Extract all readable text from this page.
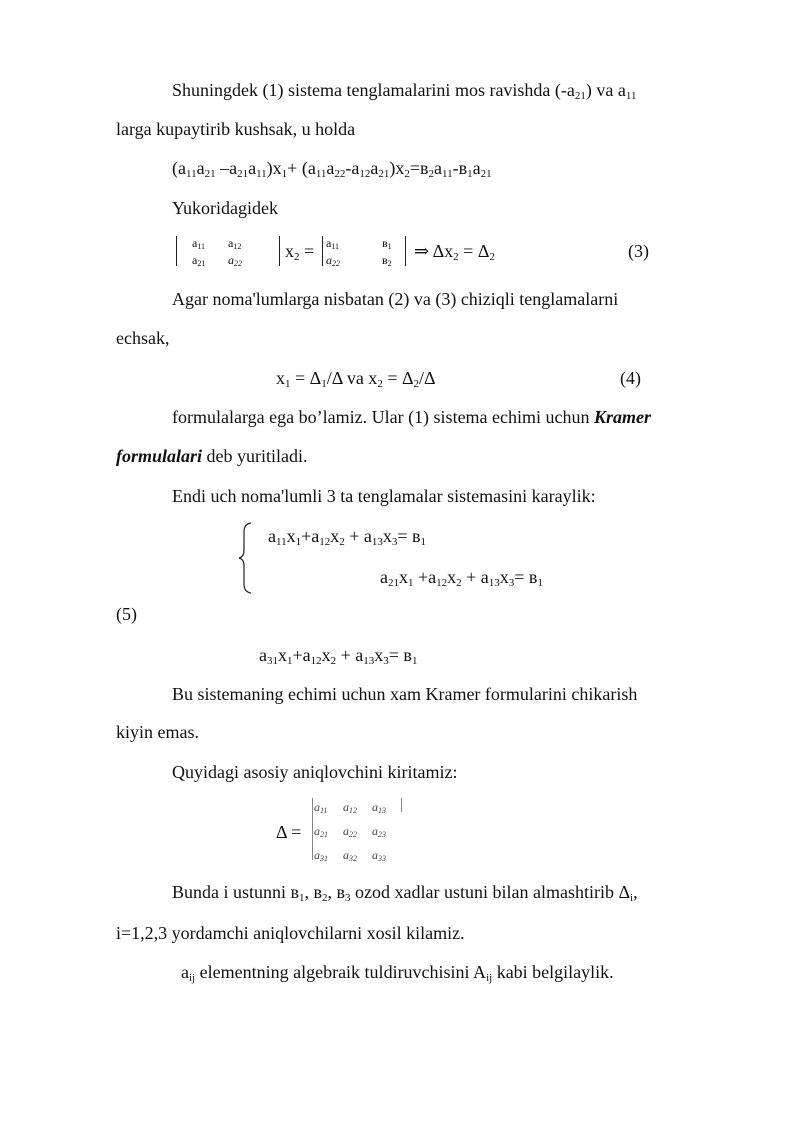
Shuningdek (1) sistema tenglamalarini mos ravishda $(-a_{21})$ va $a_{11}$
larga kupaytirib kushsak, u holda
($a_{11}a_{21}$ $-a_{21}a_{11})x_1+ (a_{11}a_{22}-a_{12}a_{21})x_2=в_2a_{11}-в_1a_{21}$
Yukoridagidek
$a_{11}$ $a_{12}$
$a_{21}$ $a_{22}$
$x_2 = a_{11}$	$в_1$
$a_{22}$	$в_2$
⇒ $\Delta x_2 = \Delta_2$	(3)
Agar noma'lumlarga nisbatan (2) va (3) chiziqli tenglamalarni
echsak,
$x_1 = \Delta_1/\Delta$ va $x_2 = \Delta_2/\Delta$	(4)
formulalarga ega bo’lamiz. Ular (1) sistema echimi uchun Kramer
formulalari deb yuritiladi.
Endi uch noma'lumli 3 ta tenglamalar sistemasini karaylik:
$a_{11}x_1+a_{12}x_2 + a_{13}x_3= в_1$
$a_{21}x_1 +a_{12}x_2 + a_{13}x_3= в_1$
(5)
$a_{31}x_1+a_{12}x_2 + a_{13}x_3= в_1$
Bu sistemaning echimi uchun xam Kramer formularini chikarish
kiyin emas.
Quyidagi asosiy aniqlovchini kiritamiz:
Δ =
$a_{11}$ $a_{12}$ $a_{13}$
$a_{21}$ $a_{22}$ $a_{23}$
$a_{31}$ $a_{32}$ $a_{33}$
Bunda i ustunni $в_1$, $в_2$, $в_3$ ozod xadlar ustuni bilan almashtirib $\Delta_i$,
i=1,2,3 yordamchi aniqlovchilarni xosil kilamiz.
$a_{ij}$ elementning algebraik tuldiruvchisini $A_{ij}$ kabi belgilaylik.
